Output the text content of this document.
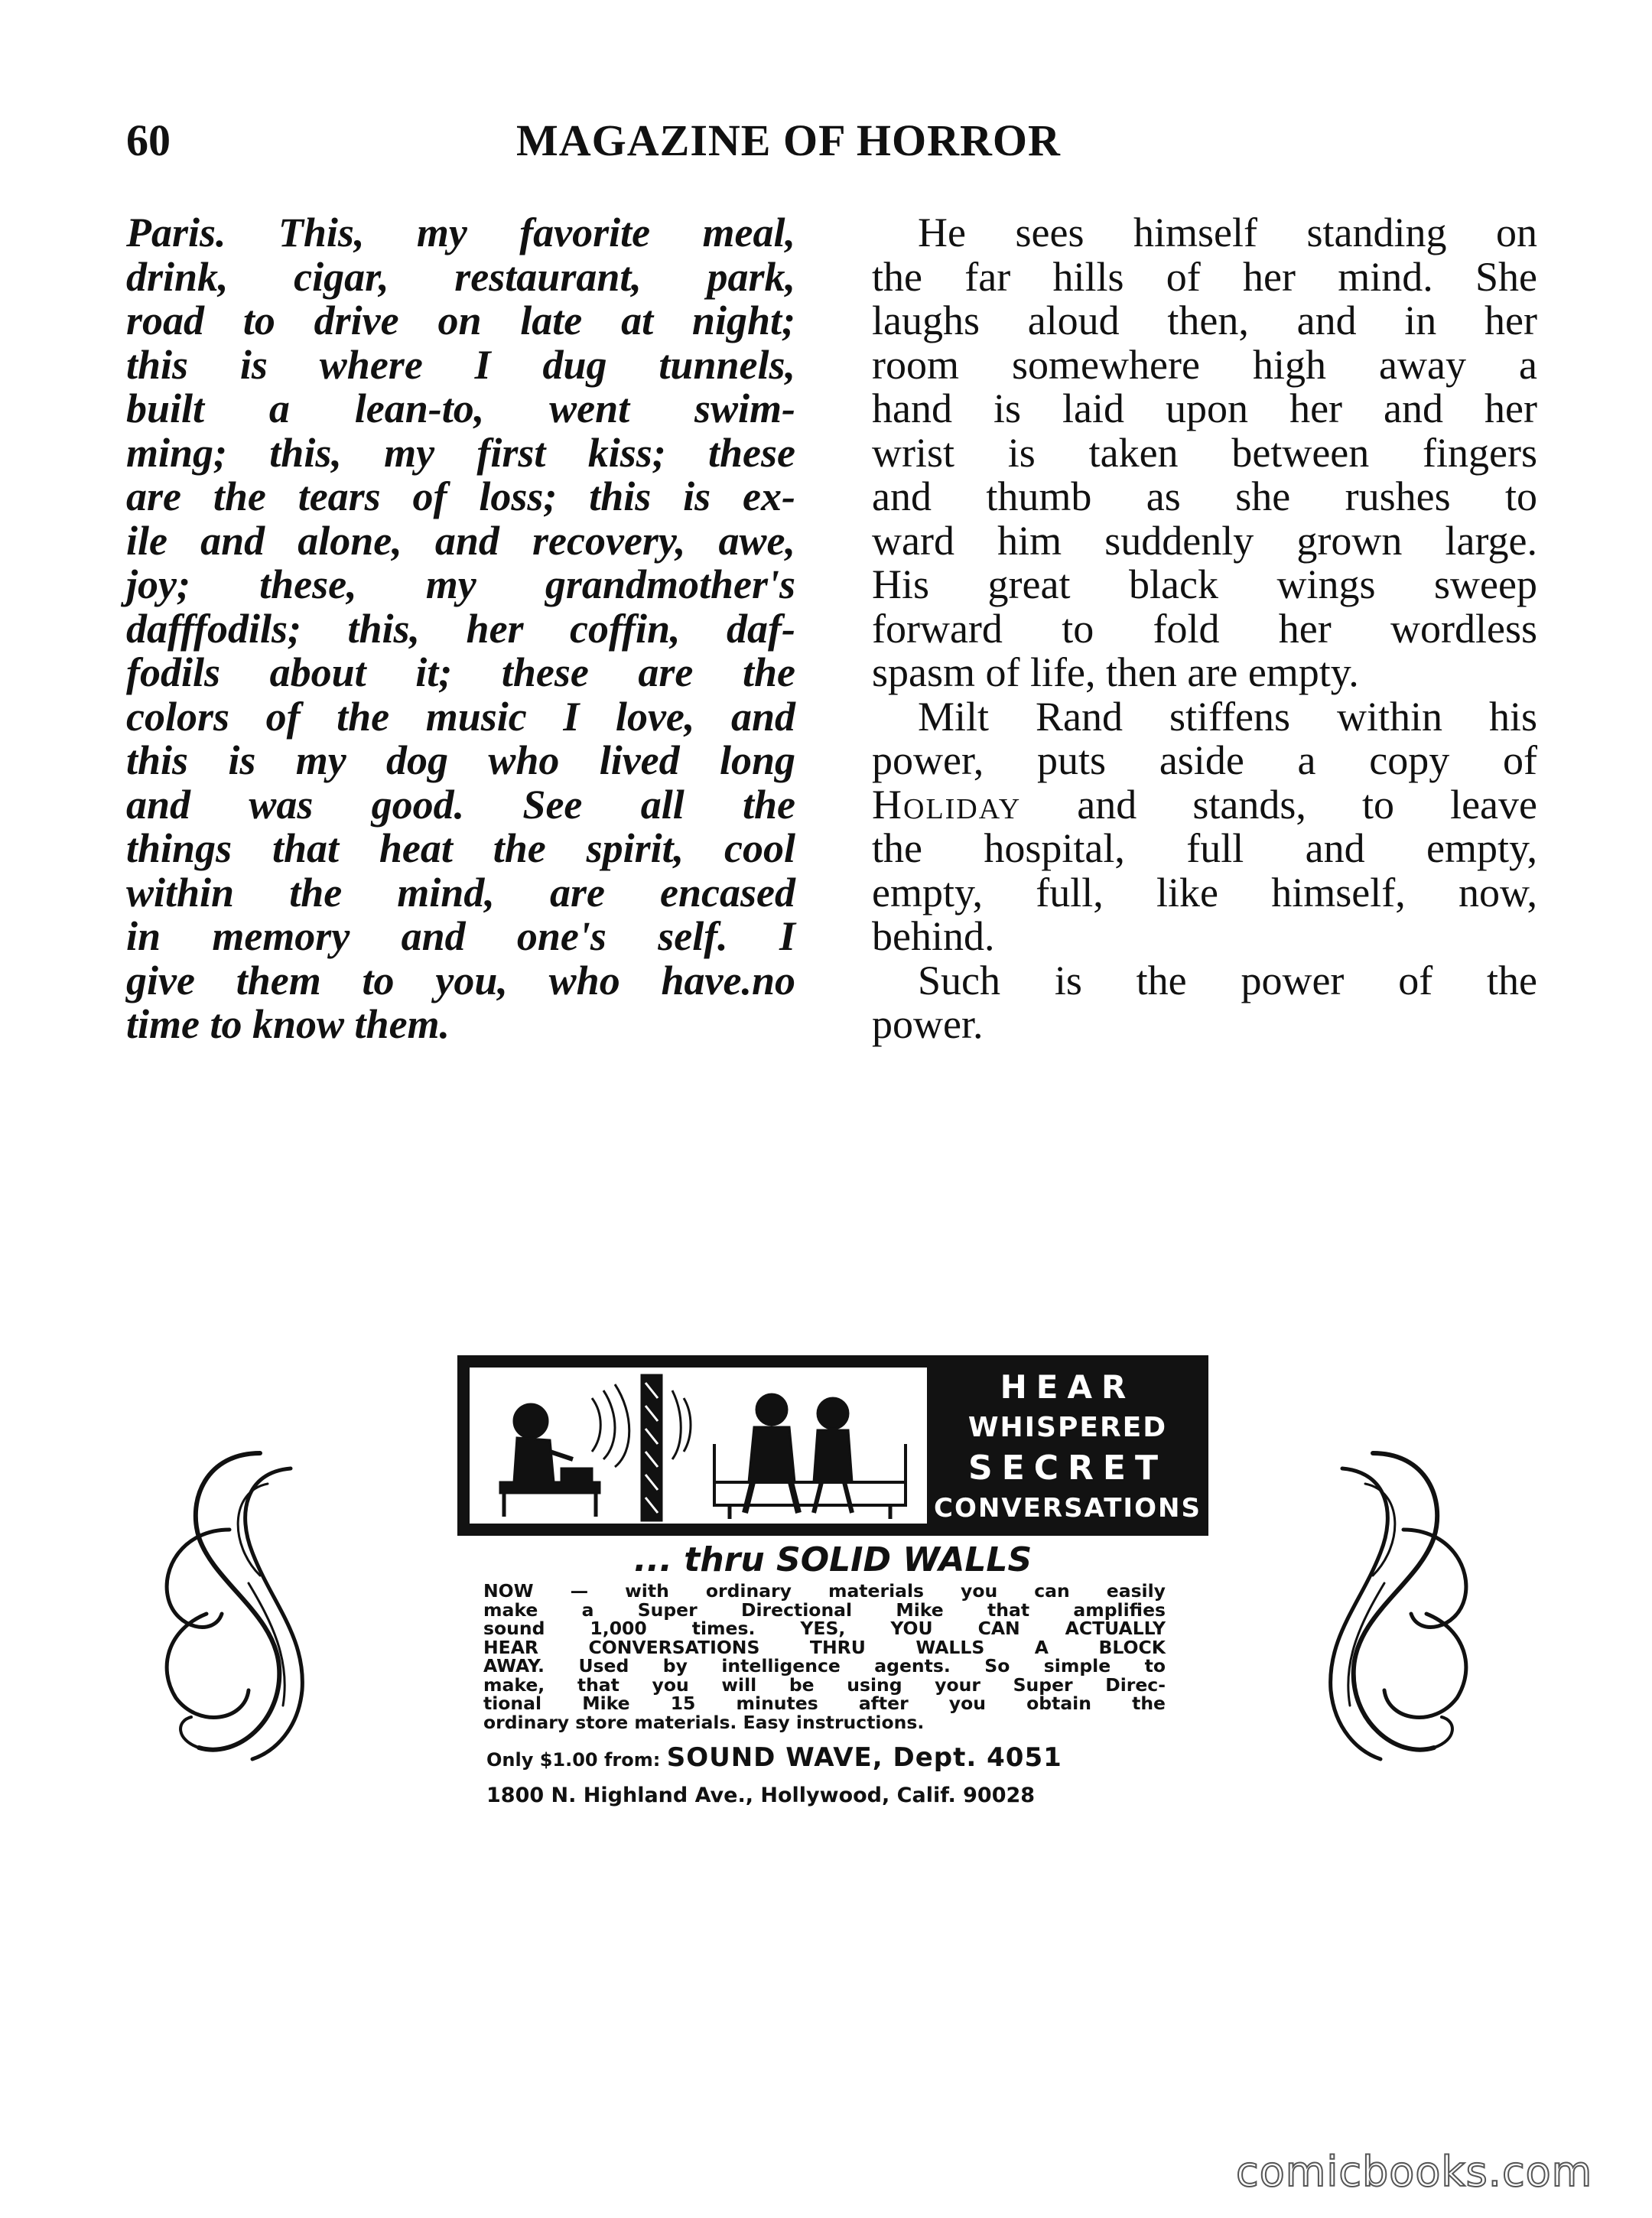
60	MAGAZINE OF HORROR
Paris. This, my favorite meal,
drink, cigar, restaurant, park,
road to drive on late at night;
this is where I dug tunnels,
built a lean-to, went swim-
ming; this, my first kiss; these
are the tears of loss; this is ex-
ile and alone, and recovery, awe,
joy; these, my grandmother's
dafffodils; this, her coffin, daf-
fodils about it; these are the
colors of the music I love, and
this is my dog who lived long
and was good. See all the
things that heat the spirit, cool
within the mind, are encased
in memory and one's self. I
give them to you, who have.no
time to know them.
He sees himself standing on
the far hills of her mind. She
laughs aloud then, and in her
room somewhere high away a
hand is laid upon her and her
wrist is taken between fingers
and thumb as she rushes to
ward him suddenly grown large.
His great black wings sweep
forward to fold her wordless
spasm of life, then are empty.
Milt Rand stiffens within his
power, puts aside a copy of
Holiday and stands, to leave
the hospital, full and empty,
empty, full, like himself, now,
behind.
Such is the power of the
power.
HEAR
WHISPERED
SECRET
CONVERSATIONS
... thru SOLID WALLS
NOW — with ordinary materials you can easily
make a Super Directional Mike that amplifies
sound 1,000 times. YES, YOU CAN ACTUALLY
HEAR CONVERSATIONS THRU WALLS A BLOCK
AWAY. Used by intelligence agents. So simple to
make, that you will be using your Super Direc-
tional Mike 15 minutes after you obtain the
ordinary store materials. Easy instructions.
Only $1.00 from: SOUND WAVE, Dept. 4051
1800 N. Highland Ave., Hollywood, Calif. 90028
comicbooks.com
